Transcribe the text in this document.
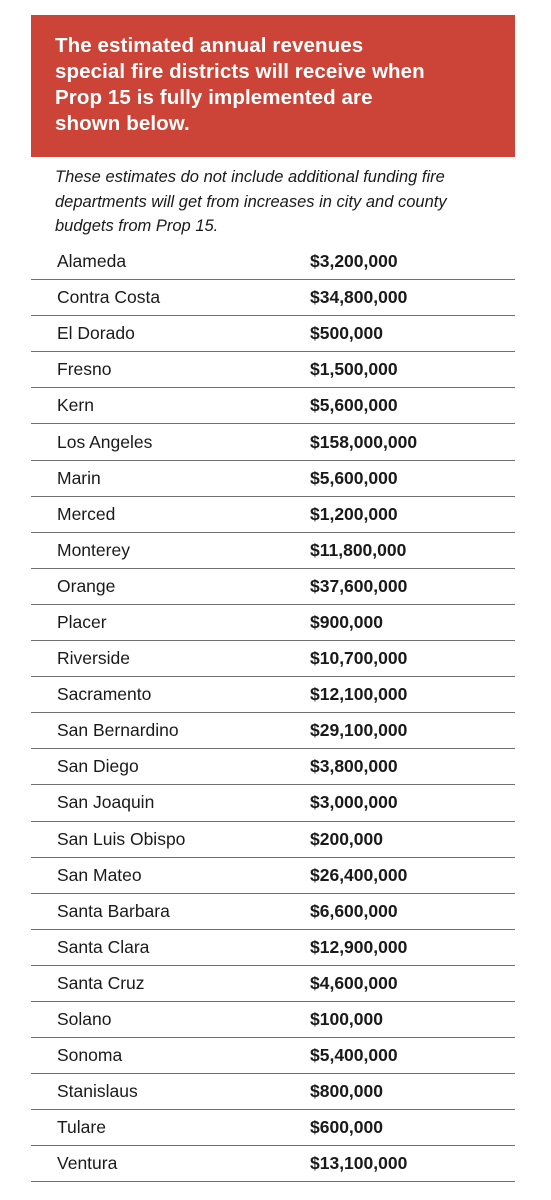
The estimated annual revenues
special fire districts will receive when
Prop 15 is fully implemented are
shown below.
These estimates do not include additional funding fire
departments will get from increases in city and county
budgets from Prop 15.
Alameda	$3,200,000
Contra Costa	$34,800,000
El Dorado	$500,000
Fresno	$1,500,000
Kern	$5,600,000
Los Angeles	$158,000,000
Marin	$5,600,000
Merced	$1,200,000
Monterey	$11,800,000
Orange	$37,600,000
Placer	$900,000
Riverside	$10,700,000
Sacramento	$12,100,000
San Bernardino	$29,100,000
San Diego	$3,800,000
San Joaquin	$3,000,000
San Luis Obispo	$200,000
San Mateo	$26,400,000
Santa Barbara	$6,600,000
Santa Clara	$12,900,000
Santa Cruz	$4,600,000
Solano	$100,000
Sonoma	$5,400,000
Stanislaus	$800,000
Tulare	$600,000
Ventura	$13,100,000
